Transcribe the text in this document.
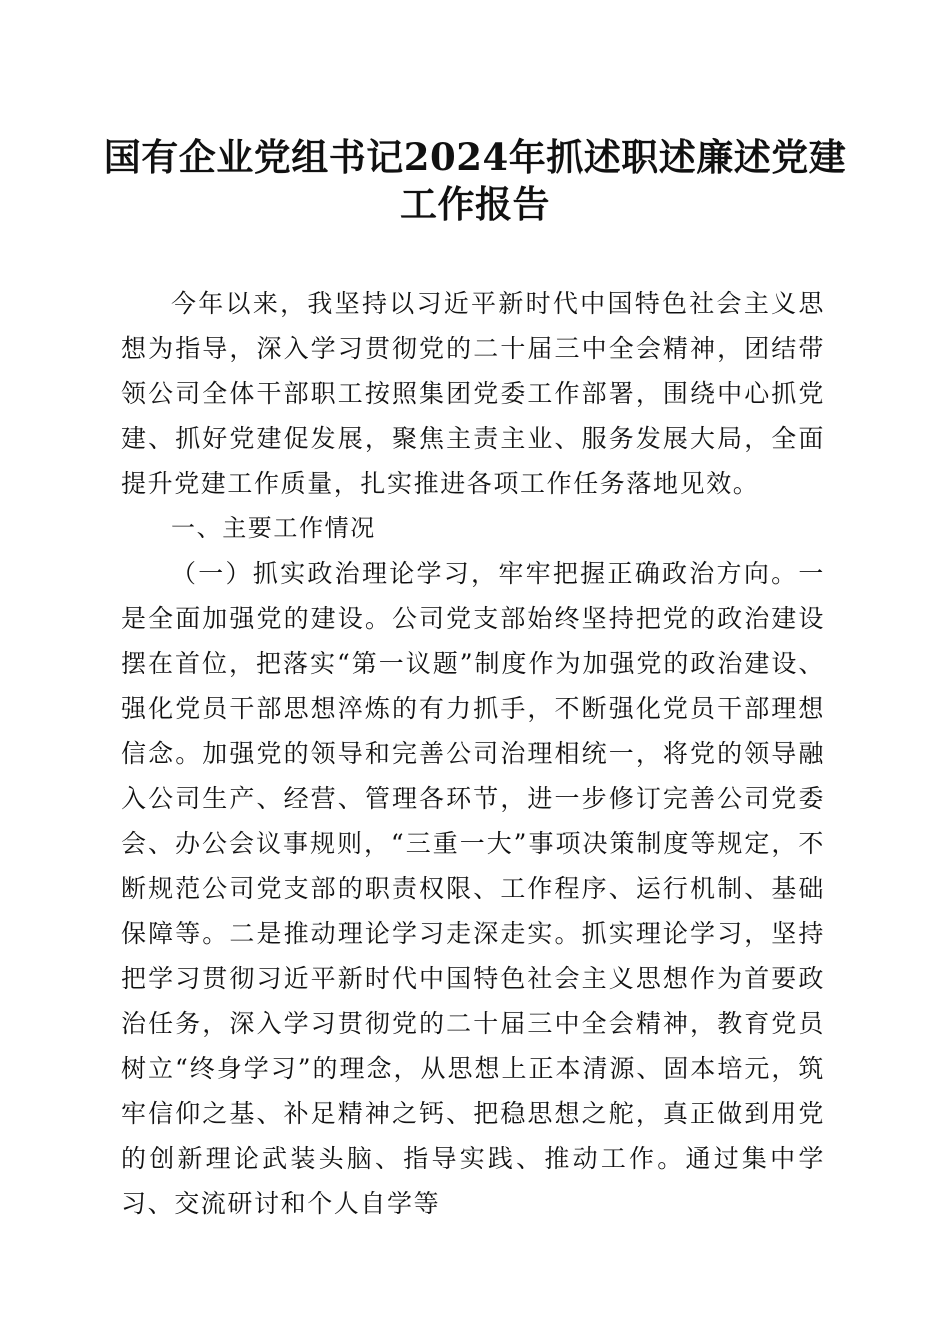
国有企业党组书记2024年抓述职述廉述党建工作报告

今年以来，我坚持以习近平新时代中国特色社会主义思想为指导，深入学习贯彻党的二十届三中全会精神，团结带领公司全体干部职工按照集团党委工作部署，围绕中心抓党建、抓好党建促发展，聚焦主责主业、服务发展大局，全面提升党建工作质量，扎实推进各项工作任务落地见效。

一、主要工作情况

（一）抓实政治理论学习，牢牢把握正确政治方向。一是全面加强党的建设。公司党支部始终坚持把党的政治建设摆在首位，把落实“第一议题”制度作为加强党的政治建设、强化党员干部思想淬炼的有力抓手，不断强化党员干部理想信念。加强党的领导和完善公司治理相统一，将党的领导融入公司生产、经营、管理各环节，进一步修订完善公司党委会、办公会议事规则，“三重一大”事项决策制度等规定，不断规范公司党支部的职责权限、工作程序、运行机制、基础保障等。二是推动理论学习走深走实。抓实理论学习，坚持把学习贯彻习近平新时代中国特色社会主义思想作为首要政治任务，深入学习贯彻党的二十届三中全会精神，教育党员树立“终身学习”的理念，从思想上正本清源、固本培元，筑牢信仰之基、补足精神之钙、把稳思想之舵，真正做到用党的创新理论武装头脑、指导实践、推动工作。通过集中学习、交流研讨和个人自学等
